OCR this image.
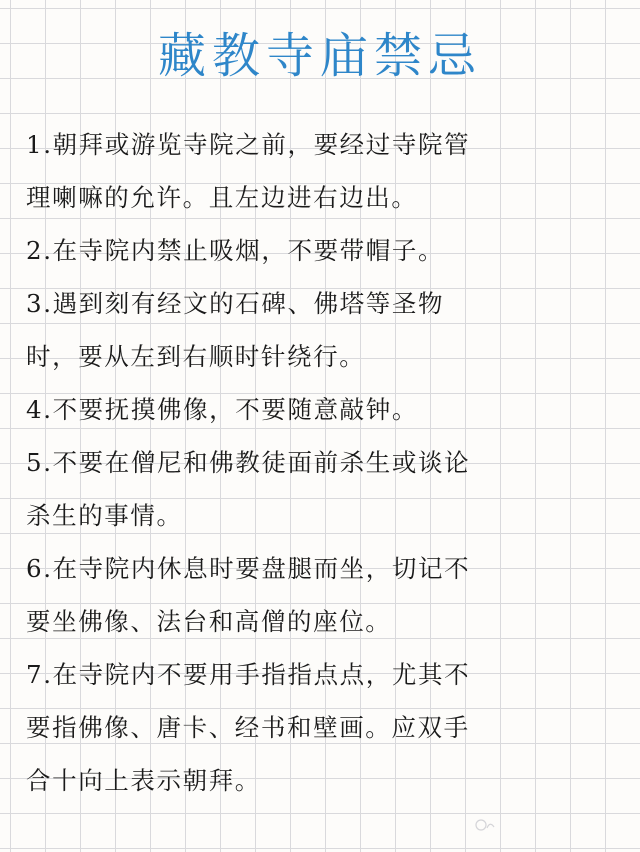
藏教寺庙禁忌
1.朝拜或游览寺院之前，要经过寺院管
理喇嘛的允许。且左边进右边出。
2.在寺院内禁止吸烟，不要带帽子。
3.遇到刻有经文的石碑、佛塔等圣物
时，要从左到右顺时针绕行。
4.不要抚摸佛像，不要随意敲钟。
5.不要在僧尼和佛教徒面前杀生或谈论
杀生的事情。
6.在寺院内休息时要盘腿而坐，切记不
要坐佛像、法台和高僧的座位。
7.在寺院内不要用手指指点点，尤其不
要指佛像、唐卡、经书和壁画。应双手
合十向上表示朝拜。
